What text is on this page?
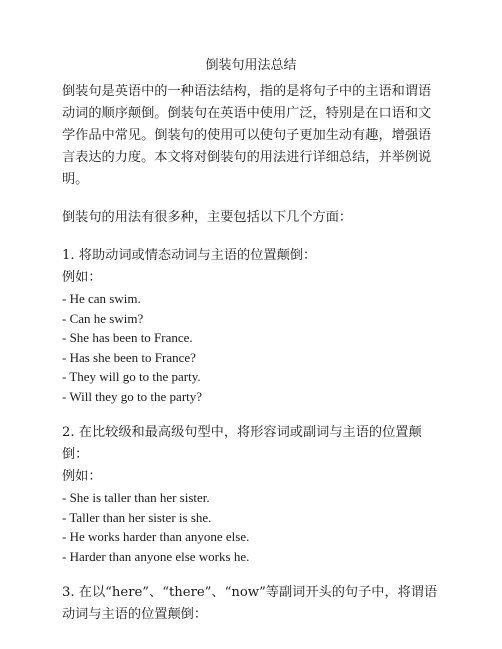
倒装句用法总结

倒装句是英语中的一种语法结构，指的是将句子中的主语和谓语动词的顺序颠倒。倒装句在英语中使用广泛，特别是在口语和文学作品中常见。倒装句的使用可以使句子更加生动有趣，增强语言表达的力度。本文将对倒装句的用法进行详细总结，并举例说明。

倒装句的用法有很多种，主要包括以下几个方面：

1. 将助动词或情态动词与主语的位置颠倒：

例如：

- He can swim.

- Can he swim?

- She has been to France.

- Has she been to France?

- They will go to the party.

- Will they go to the party?

2. 在比较级和最高级句型中，将形容词或副词与主语的位置颠倒：

例如：

- She is taller than her sister.

- Taller than her sister is she.

- He works harder than anyone else.

- Harder than anyone else works he.

3. 在以“here”、“there”、“now”等副词开头的句子中，将谓语动词与主语的位置颠倒：
